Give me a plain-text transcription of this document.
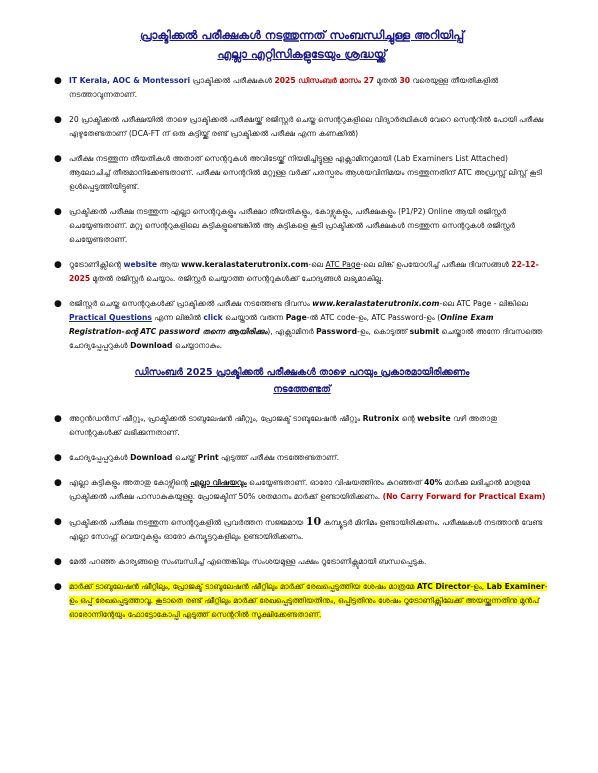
പ്രാക്ടിക്കൽ പരീക്ഷകൾ നടത്തുന്നത് സംബന്ധിച്ചുള്ള അറിയിപ്പ്

എല്ലാ എറ്റിസികളുടേയും ശ്രദ്ധയ്ക്ക്

● IT Kerala, AOC & Montessori പ്രാക്ടിക്കൽ പരീക്ഷകൾ 2025 ഡിസംബർ മാസം 27 മുതൽ 30 വരെയുള്ള തീയതികളിൽ നടത്താവുന്നതാണ്.
● 20 പ്രാക്ടിക്കൽ പരീക്ഷയിൽ താഴെ പ്രാക്ടിക്കൽ പരീക്ഷയ്ക്ക് രജിസ്റ്റർ ചെയ്ത സെന്ററുകളിലെ വിദ്യാർത്ഥികൾ വേറെ സെന്ററിൽ പോയി പരീക്ഷ എഴുതേണ്ടതാണ് (DCA-FT ന് ഒരു കുട്ടിയ്ക്ക് രണ്ട് പ്രാക്ടിക്കൽ പരീക്ഷ എന്ന കണക്കിൽ)
● പരീക്ഷ നടത്തുന്ന തീയതികൾ അതാത് സെന്ററുകൾ അവിടേയ്ക്ക് നിയമിച്ചിട്ടുള്ള എക്സാമിനറുമായി (Lab Examiners List Attached) ആലോചിച്ച് തീരുമാനിക്കേണ്ടതാണ്. പരീക്ഷ സെന്ററിൽ മറ്റുള്ള വർക്ക് പരസ്പരം ആശയവിനിമയം നടത്തുന്നതിന് ATC അഡ്രസ്സ് ലിസ്റ്റ് കൂടി ഉൾപ്പെടുത്തിയിട്ടുണ്ട്.
● പ്രാക്ടിക്കൽ പരീക്ഷ നടത്തുന്ന എല്ലാ സെന്ററുകളും പരീക്ഷാ തീയതികളും, കോഴ്സുകളും, പരീക്ഷകളും (P1/P2) Online ആയി രജിസ്റ്റർ ചെയ്യേണ്ടതാണ്. മറ്റു സെന്ററുകളിലെ കുട്ടികളുണ്ടെങ്കിൽ ആ കുട്ടികളെ കൂടി പ്രാക്ടിക്കൽ പരീക്ഷകൾ നടത്തുന്ന സെന്ററുകൾ രജിസ്റ്റർ ചെയ്യേണ്ടതാണ്.
● റൂട്രോണിക്സിന്റെ website ആയ www.keralastaterutronix.com-ലെ ATC Page-ലെ ലിങ്ക് ഉപയോഗിച്ച് പരീക്ഷ ദിവസങ്ങൾ 22-12-2025 മുതൽ രജിസ്റ്റർ ചെയ്യാം. രജിസ്റ്റർ ചെയ്യാത്ത സെന്ററുകൾക്ക് ചോദ്യങ്ങൾ ലഭ്യമാകില്ല.
● രജിസ്റ്റർ ചെയ്ത സെന്ററുകൾക്ക് പ്രാക്ടിക്കൽ പരീക്ഷ നടത്തേണ്ട ദിവസം www.keralastaterutronix.com-ലെ ATC Page - ലിങ്കിലെ Practical Questions എന്ന ലിങ്കിൽ click ചെയ്താൽ വരുന്ന Page-ൽ ATC code-ഉം, ATC Password-ഉം (Online Exam Registration-ന്റെ ATC password തന്നെ ആയിരിക്കും), എക്സാമിനർ Password-ഉം, കൊടുത്ത് submit ചെയ്താൽ അന്നേ ദിവസത്തെ ചോദ്യപ്പേപ്പറുകൾ Download ചെയ്യാനാകും.

ഡിസംബർ 2025 പ്രാക്ടിക്കൽ പരീക്ഷകൾ താഴെ പറയും പ്രകാരമായിരിക്കണം
നടത്തേണ്ടത്

● അറ്റൻഡൻസ് ഷീറ്റും, പ്രാക്ടിക്കൽ ടാബുലേഷൻ ഷീറ്റും, പ്രോജക്ട് ടാബുലേഷൻ ഷീറ്റും Rutronix ന്റെ website വഴി അതാതു സെന്ററുകൾക്ക് ലഭിക്കുന്നതാണ്.
● ചോദ്യപ്പേപ്പറുകൾ Download ചെയ്ത് Print എടുത്ത് പരീക്ഷ നടത്തേണ്ടതാണ്.
● എല്ലാ കുട്ടികളും അതാതു കോഴ്സിന്റെ എല്ലാ വിഷയവും ചെയ്യേണ്ടതാണ്. ഓരോ വിഷയത്തിനും കുറഞ്ഞത് 40% മാർക്കു ലഭിച്ചാൽ മാത്രമേ പ്രാക്ടിക്കൽ പരീക്ഷ പാസാകുകയുള്ളു. പ്രോജക്ടിന് 50% ശതമാനം മാർക്ക് ഉണ്ടായിരിക്കണം. (No Carry Forward for Practical Exam)
● പ്രാക്ടിക്കൽ പരീക്ഷ നടത്തുന്ന സെന്ററുകളിൽ പ്രവർത്തന സജ്ജമായ 10 കമ്പ്യൂട്ടർ മിനിമം ഉണ്ടായിരിക്കണം. പരീക്ഷകൾ നടത്താൻ വേണ്ട എല്ലാ സോഫ്റ്റ് വെയറുകളും ഓരോ കമ്പ്യൂട്ടറുകളിലും ഉണ്ടായിരിക്കണം.
● മേൽ പറഞ്ഞ കാര്യങ്ങളെ സംബന്ധിച്ച് എന്തെങ്കിലും സംശയമുള്ള പക്ഷം റൂട്രോണിക്സുമായി ബന്ധപ്പെടുക.
● മാർക്ക് ടാബുലേഷൻ ഷീറ്റിലും, പ്രോജക്ട് ടാബുലേഷൻ ഷീറ്റിലും മാർക്ക് രേഖപ്പെടുത്തിയ ശേഷം മാത്രമേ ATC Director-ഉം, Lab Examiner-ഉം ഒപ്പ് രേഖപ്പെടുത്താവൂ. കൂടാതെ രണ്ട് ഷീറ്റിലും മാർക്ക് രേഖപ്പെടുത്തിയതിനും, ഒപ്പിട്ടതിനും ശേഷം റൂട്രോണിക്സിലേക്ക് അയയ്ക്കുന്നതിനു മുൻപ് ഓരോന്നിന്റേയും ഫോട്ടോകോപ്പി എടുത്ത് സെന്ററിൽ സൂക്ഷിക്കേണ്ടതാണ്.
